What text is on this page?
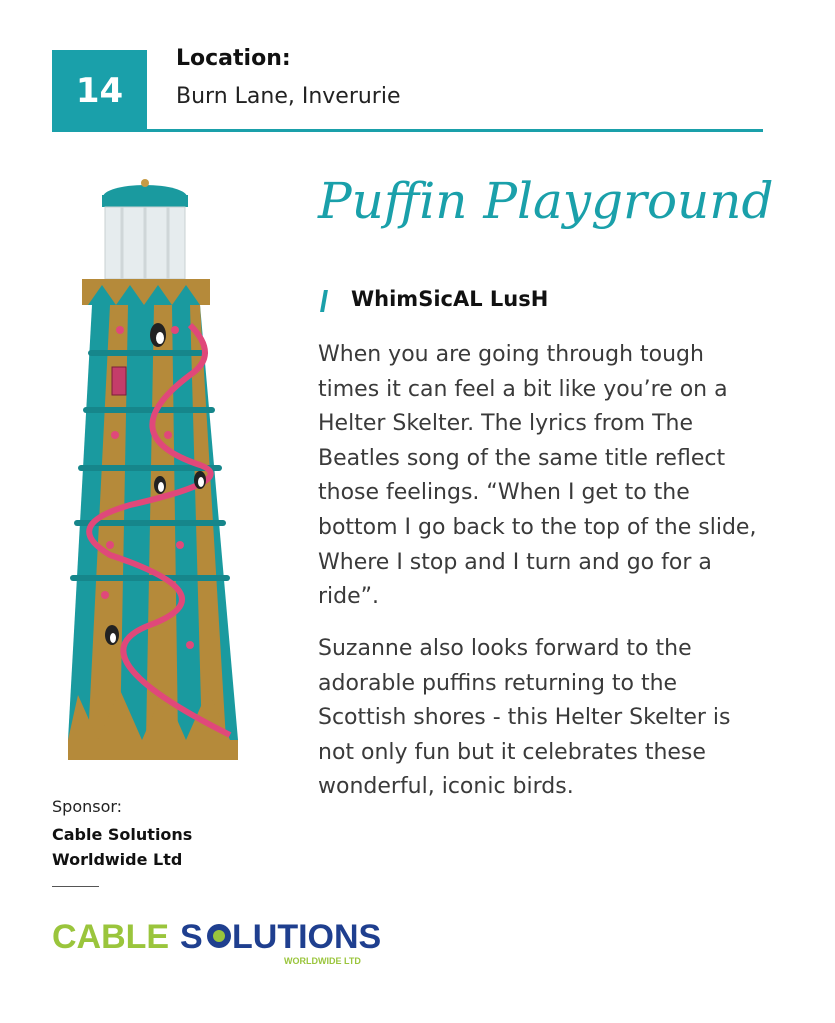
14
Location:
Burn Lane, Inverurie
Puffin Playground
WhimSicAL LusH
When you are going through tough times it can feel a bit like you’re on a Helter Skelter. The lyrics from The Beatles song of the same title reflect those feelings. “When I get to the bottom I go back to the top of the slide, Where I stop and I turn and go for a ride”.
Suzanne also looks forward to the adorable puffins returning to the Scottish shores - this Helter Skelter is not only fun but it celebrates these wonderful, iconic birds.
Sponsor:
Cable Solutions Worldwide Ltd
CABLE S LUTIONS
WORLDWIDE LTD
